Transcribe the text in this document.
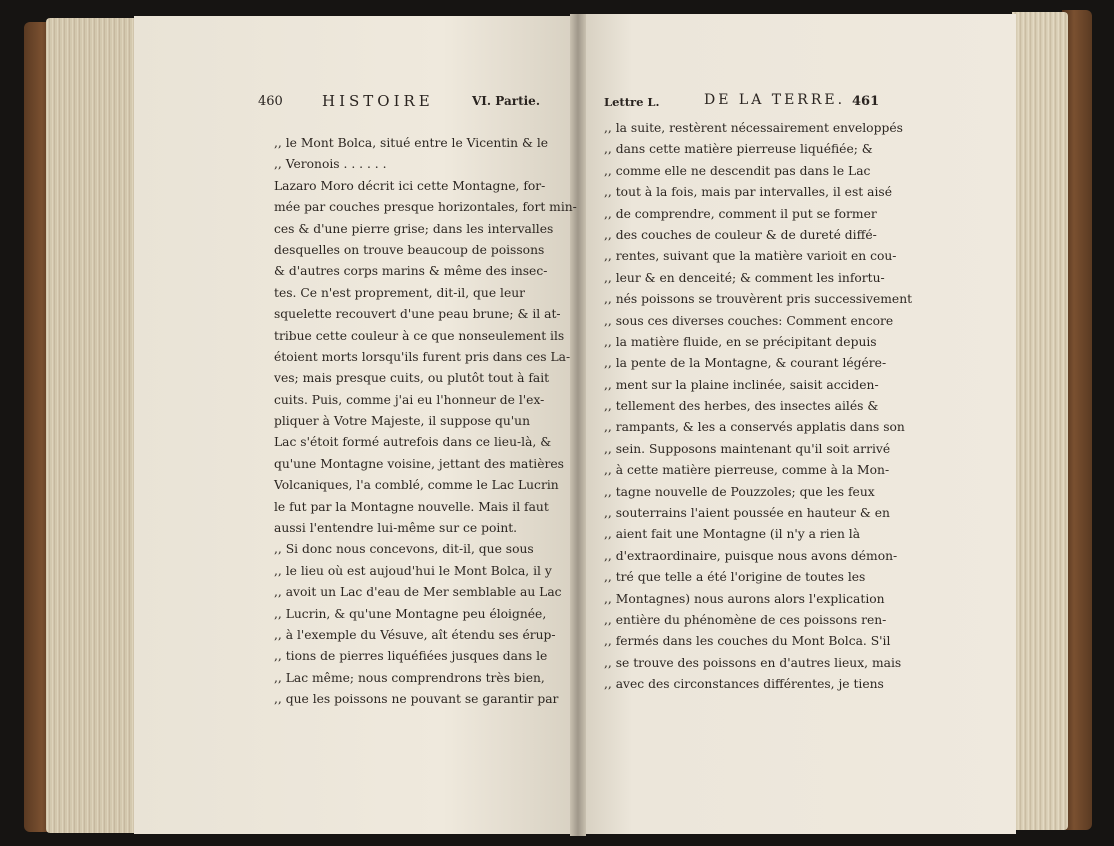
460	HISTOIRE	VI. Partie.
,, le Mont Bolca, situé entre le Vicentin & le
,, Veronois . . . . . .
Lazaro Moro décrit ici cette Montagne, for-
mée par couches presque horizontales, fort min-
ces & d'une pierre grise; dans les intervalles
desquelles on trouve beaucoup de poissons
& d'autres corps marins & même des insec-
tes. Ce n'est proprement, dit-il, que leur
squelette recouvert d'une peau brune; & il at-
tribue cette couleur à ce que nonseulement ils
étoient morts lorsqu'ils furent pris dans ces La-
ves; mais presque cuits, ou plutôt tout à fait
cuits. Puis, comme j'ai eu l'honneur de l'ex-
pliquer à Votre Majeste, il suppose qu'un
Lac s'étoit formé autrefois dans ce lieu-là, &
qu'une Montagne voisine, jettant des matières
Volcaniques, l'a comblé, comme le Lac Lucrin
le fut par la Montagne nouvelle. Mais il faut
aussi l'entendre lui-même sur ce point.
,, Si donc nous concevons, dit-il, que sous
,, le lieu où est aujoud'hui le Mont Bolca, il y
,, avoit un Lac d'eau de Mer semblable au Lac
,, Lucrin, & qu'une Montagne peu éloignée,
,, à l'exemple du Vésuve, aît étendu ses érup-
,, tions de pierres liquéfiées jusques dans le
,, Lac même; nous comprendrons très bien,
,, que les poissons ne pouvant se garantir par
Lettre L.	DE LA TERRE. 461
,, la suite, restèrent nécessairement enveloppés
,, dans cette matière pierreuse liquéfiée; &
,, comme elle ne descendit pas dans le Lac
,, tout à la fois, mais par intervalles, il est aisé
,, de comprendre, comment il put se former
,, des couches de couleur & de dureté diffé-
,, rentes, suivant que la matière varioit en cou-
,, leur & en denceité; & comment les infortu-
,, nés poissons se trouvèrent pris successivement
,, sous ces diverses couches: Comment encore
,, la matière fluide, en se précipitant depuis
,, la pente de la Montagne, & courant légére-
,, ment sur la plaine inclinée, saisit acciden-
,, tellement des herbes, des insectes ailés &
,, rampants, & les a conservés applatis dans son
,, sein. Supposons maintenant qu'il soit arrivé
,, à cette matière pierreuse, comme à la Mon-
,, tagne nouvelle de Pouzzoles; que les feux
,, souterrains l'aient poussée en hauteur & en
,, aient fait une Montagne (il n'y a rien là
,, d'extraordinaire, puisque nous avons démon-
,, tré que telle a été l'origine de toutes les
,, Montagnes) nous aurons alors l'explication
,, entière du phénomène de ces poissons ren-
,, fermés dans les couches du Mont Bolca. S'il
,, se trouve des poissons en d'autres lieux, mais
,, avec des circonstances différentes, je tiens
